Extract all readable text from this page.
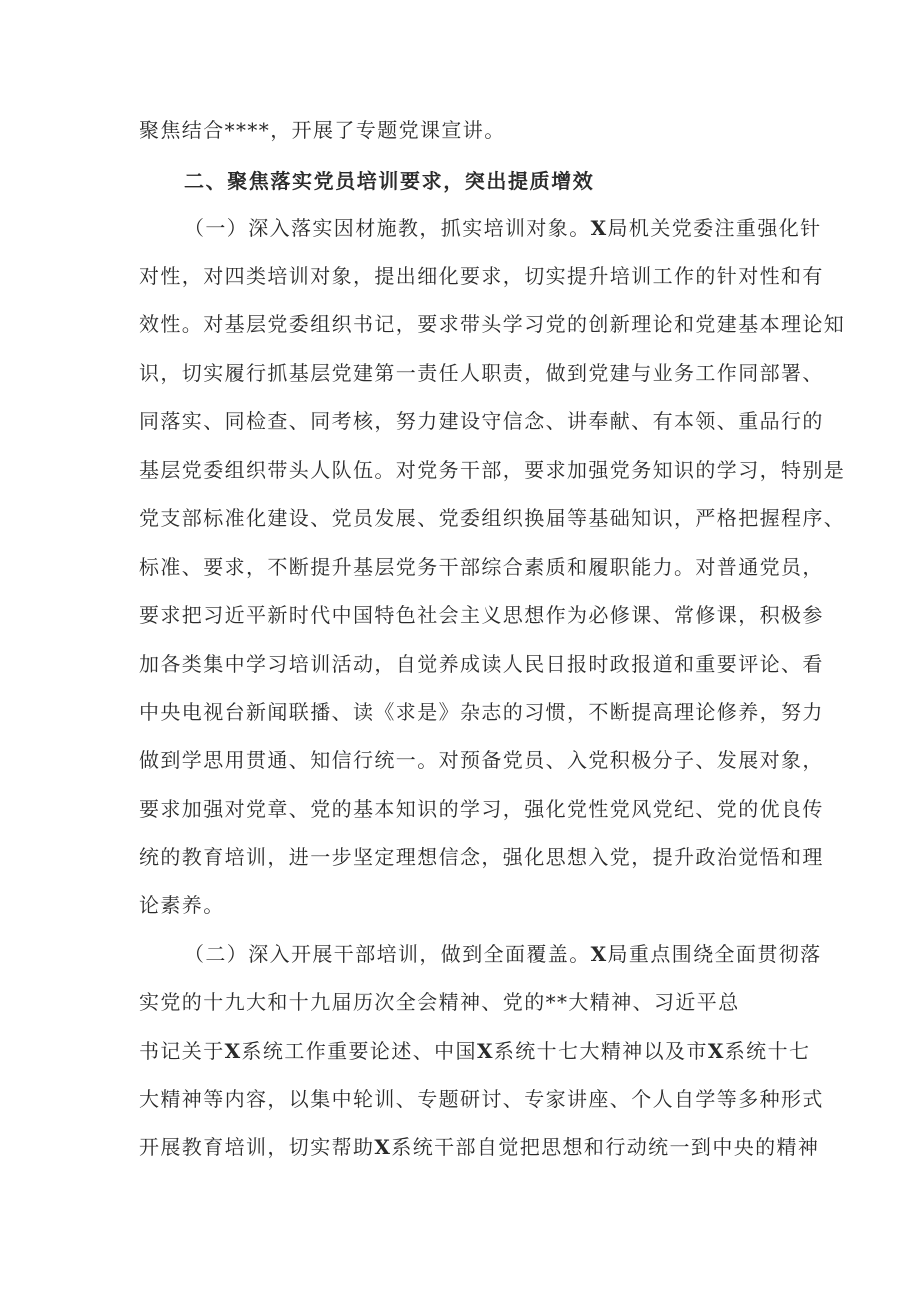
聚焦结合****，开展了专题党课宣讲。
二、聚焦落实党员培训要求，突出提质增效
（一）深入落实因材施教，抓实培训对象。X局机关党委注重强化针
对性，对四类培训对象，提出细化要求，切实提升培训工作的针对性和有
效性。对基层党委组织书记，要求带头学习党的创新理论和党建基本理论知
识，切实履行抓基层党建第一责任人职责，做到党建与业务工作同部署、
同落实、同检查、同考核，努力建设守信念、讲奉献、有本领、重品行的
基层党委组织带头人队伍。对党务干部，要求加强党务知识的学习，特别是
党支部标准化建设、党员发展、党委组织换届等基础知识，严格把握程序、
标准、要求，不断提升基层党务干部综合素质和履职能力。对普通党员，
要求把习近平新时代中国特色社会主义思想作为必修课、常修课，积极参
加各类集中学习培训活动，自觉养成读人民日报时政报道和重要评论、看
中央电视台新闻联播、读《求是》杂志的习惯，不断提高理论修养，努力
做到学思用贯通、知信行统一。对预备党员、入党积极分子、发展对象，
要求加强对党章、党的基本知识的学习，强化党性党风党纪、党的优良传
统的教育培训，进一步坚定理想信念，强化思想入党，提升政治觉悟和理
论素养。
（二）深入开展干部培训，做到全面覆盖。X局重点围绕全面贯彻落
实党的十九大和十九届历次全会精神、党的**大精神、习近平总
书记关于X系统工作重要论述、中国X系统十七大精神以及市X系统十七
大精神等内容，以集中轮训、专题研讨、专家讲座、个人自学等多种形式
开展教育培训，切实帮助X系统干部自觉把思想和行动统一到中央的精神
